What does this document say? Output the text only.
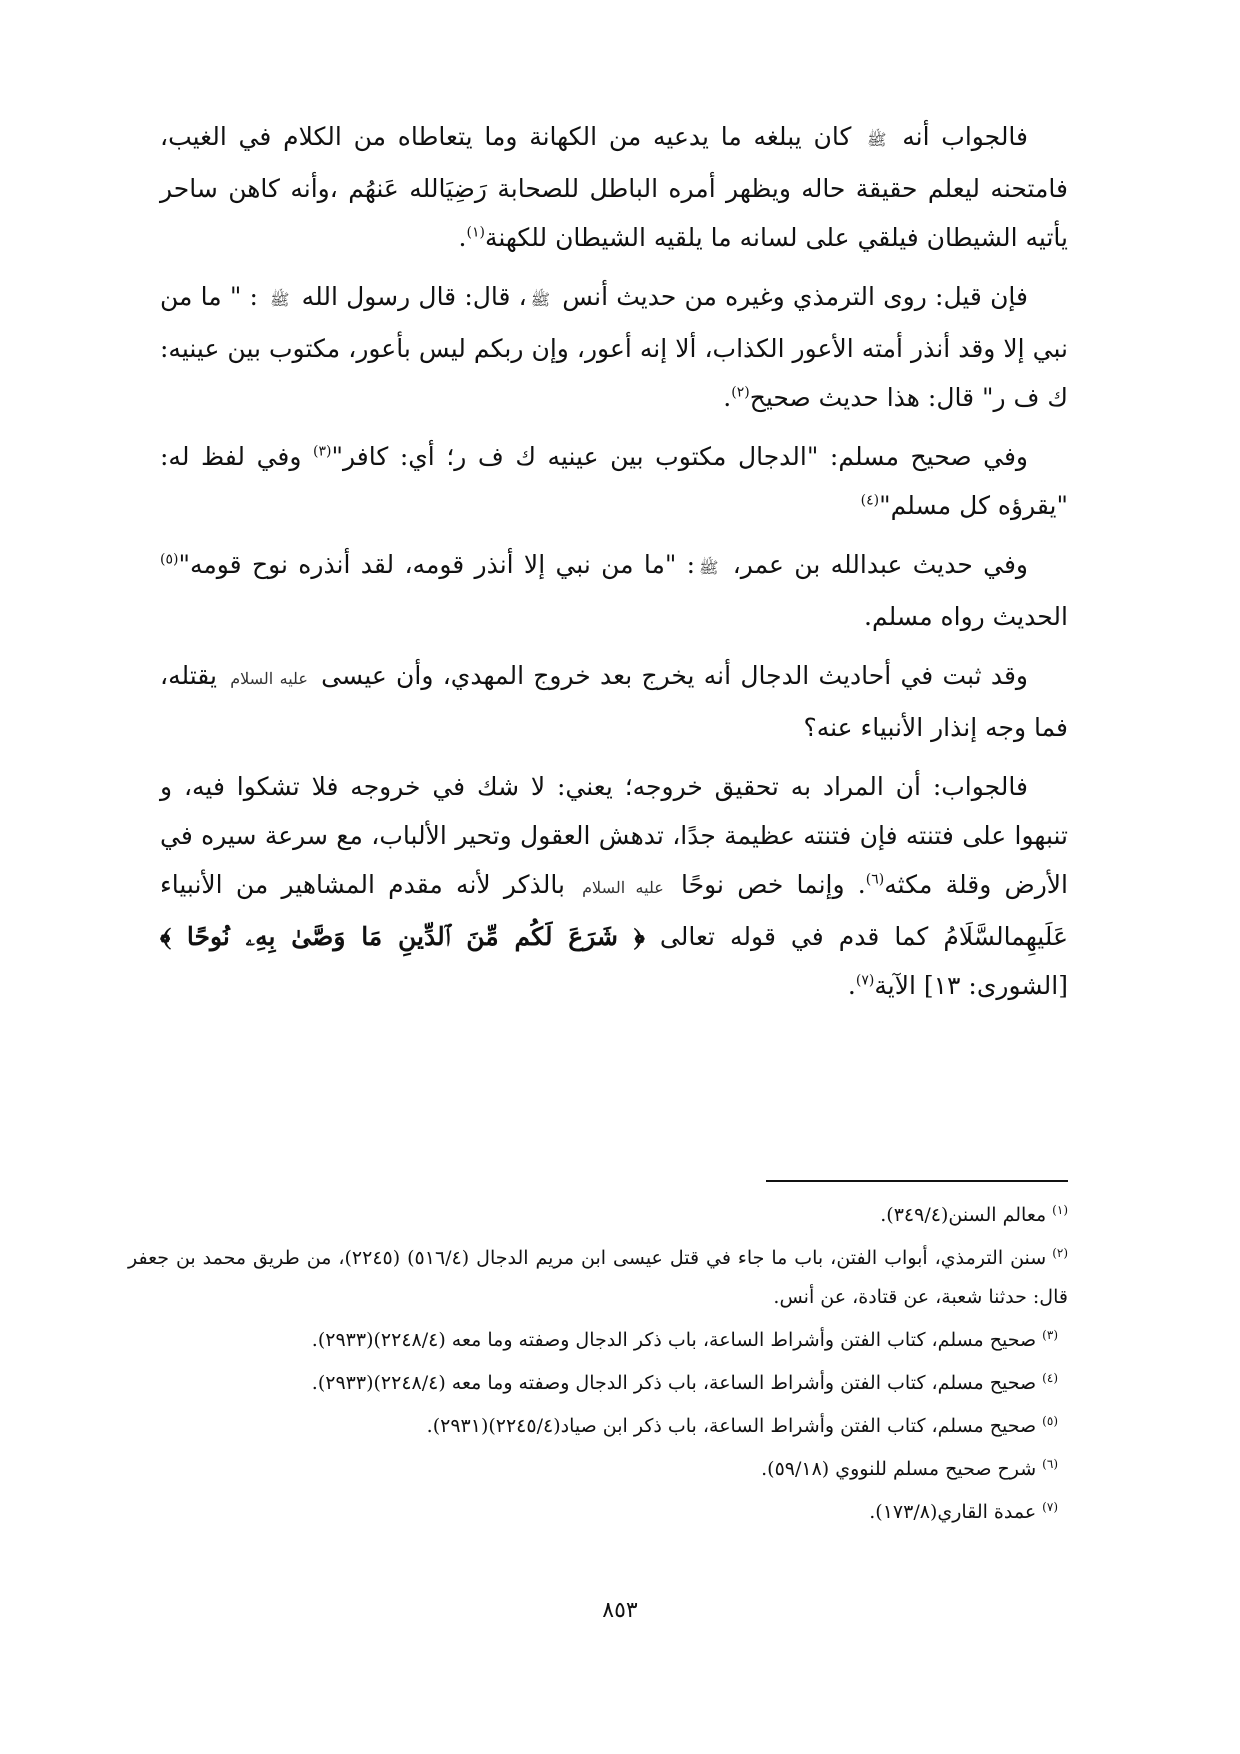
فالجواب أنه ﷺ كان يبلغه ما يدعيه من الكهانة وما يتعاطاه من الكلام في الغيب، فامتحنه ليعلم حقيقة حاله ويظهر أمره الباطل للصحابة رَضِيَالله عَنهُم ،وأنه كاهن ساحر يأتيه الشيطان فيلقي على لسانه ما يلقيه الشيطان للكهنة$^{(١)}$.

فإن قيل: روى الترمذي وغيره من حديث أنس ﷺ، قال: قال رسول الله ﷺ : " ما من نبي إلا وقد أنذر أمته الأعور الكذاب، ألا إنه أعور، وإن ربكم ليس بأعور، مكتوب بين عينيه: ك ف ر" قال: هذا حديث صحيح$^{(٢)}$.

وفي صحيح مسلم: "الدجال مكتوب بين عينيه ك ف ر؛ أي: كافر"$^{(٣)}$ وفي لفظ له: "يقرؤه كل مسلم"$^{(٤)}$

وفي حديث عبدالله بن عمر، ﷺ: "ما من نبي إلا أنذر قومه، لقد أنذره نوح قومه"$^{(٥)}$ الحديث رواه مسلم.

وقد ثبت في أحاديث الدجال أنه يخرج بعد خروج المهدي، وأن عيسى عليه السلام يقتله، فما وجه إنذار الأنبياء عنه؟

فالجواب: أن المراد به تحقيق خروجه؛ يعني: لا شك في خروجه فلا تشكوا فيه، و تنبهوا على فتنته فإن فتنته عظيمة جدًا، تدهش العقول وتحير الألباب، مع سرعة سيره في الأرض وقلة مكثه$^{(٦)}$. وإنما خص نوحًا عليه السلام بالذكر لأنه مقدم المشاهير من الأنبياء عَلَيهِمالسَّلَامُ كما قدم في قوله تعالى ﴿ شَرَعَ لَكُم مِّنَ ٱلدِّينِ مَا وَصَّىٰ بِهِۦ نُوحًا ﴾ [الشورى: ١٣] الآية$^{(٧)}$.

$^{(١)}$معالم السنن(٣٤٩/٤).
$^{(٢)}$سنن الترمذي، أبواب الفتن، باب ما جاء في قتل عيسى ابن مريم الدجال (٥١٦/٤) (٢٢٤٥)، من طريق محمد بن جعفر قال: حدثنا شعبة، عن قتادة، عن أنس.
$^{(٣)}$صحيح مسلم، كتاب الفتن وأشراط الساعة، باب ذكر الدجال وصفته وما معه (٢٢٤٨/٤)(٢٩٣٣).
$^{(٤)}$صحيح مسلم، كتاب الفتن وأشراط الساعة، باب ذكر الدجال وصفته وما معه (٢٢٤٨/٤)(٢٩٣٣).
$^{(٥)}$صحيح مسلم، كتاب الفتن وأشراط الساعة، باب ذكر ابن صياد(٢٢٤٥/٤)(٢٩٣١).
$^{(٦)}$شرح صحيح مسلم للنووي (٥٩/١٨).
$^{(٧)}$عمدة القاري(١٧٣/٨).
٨٥٣
